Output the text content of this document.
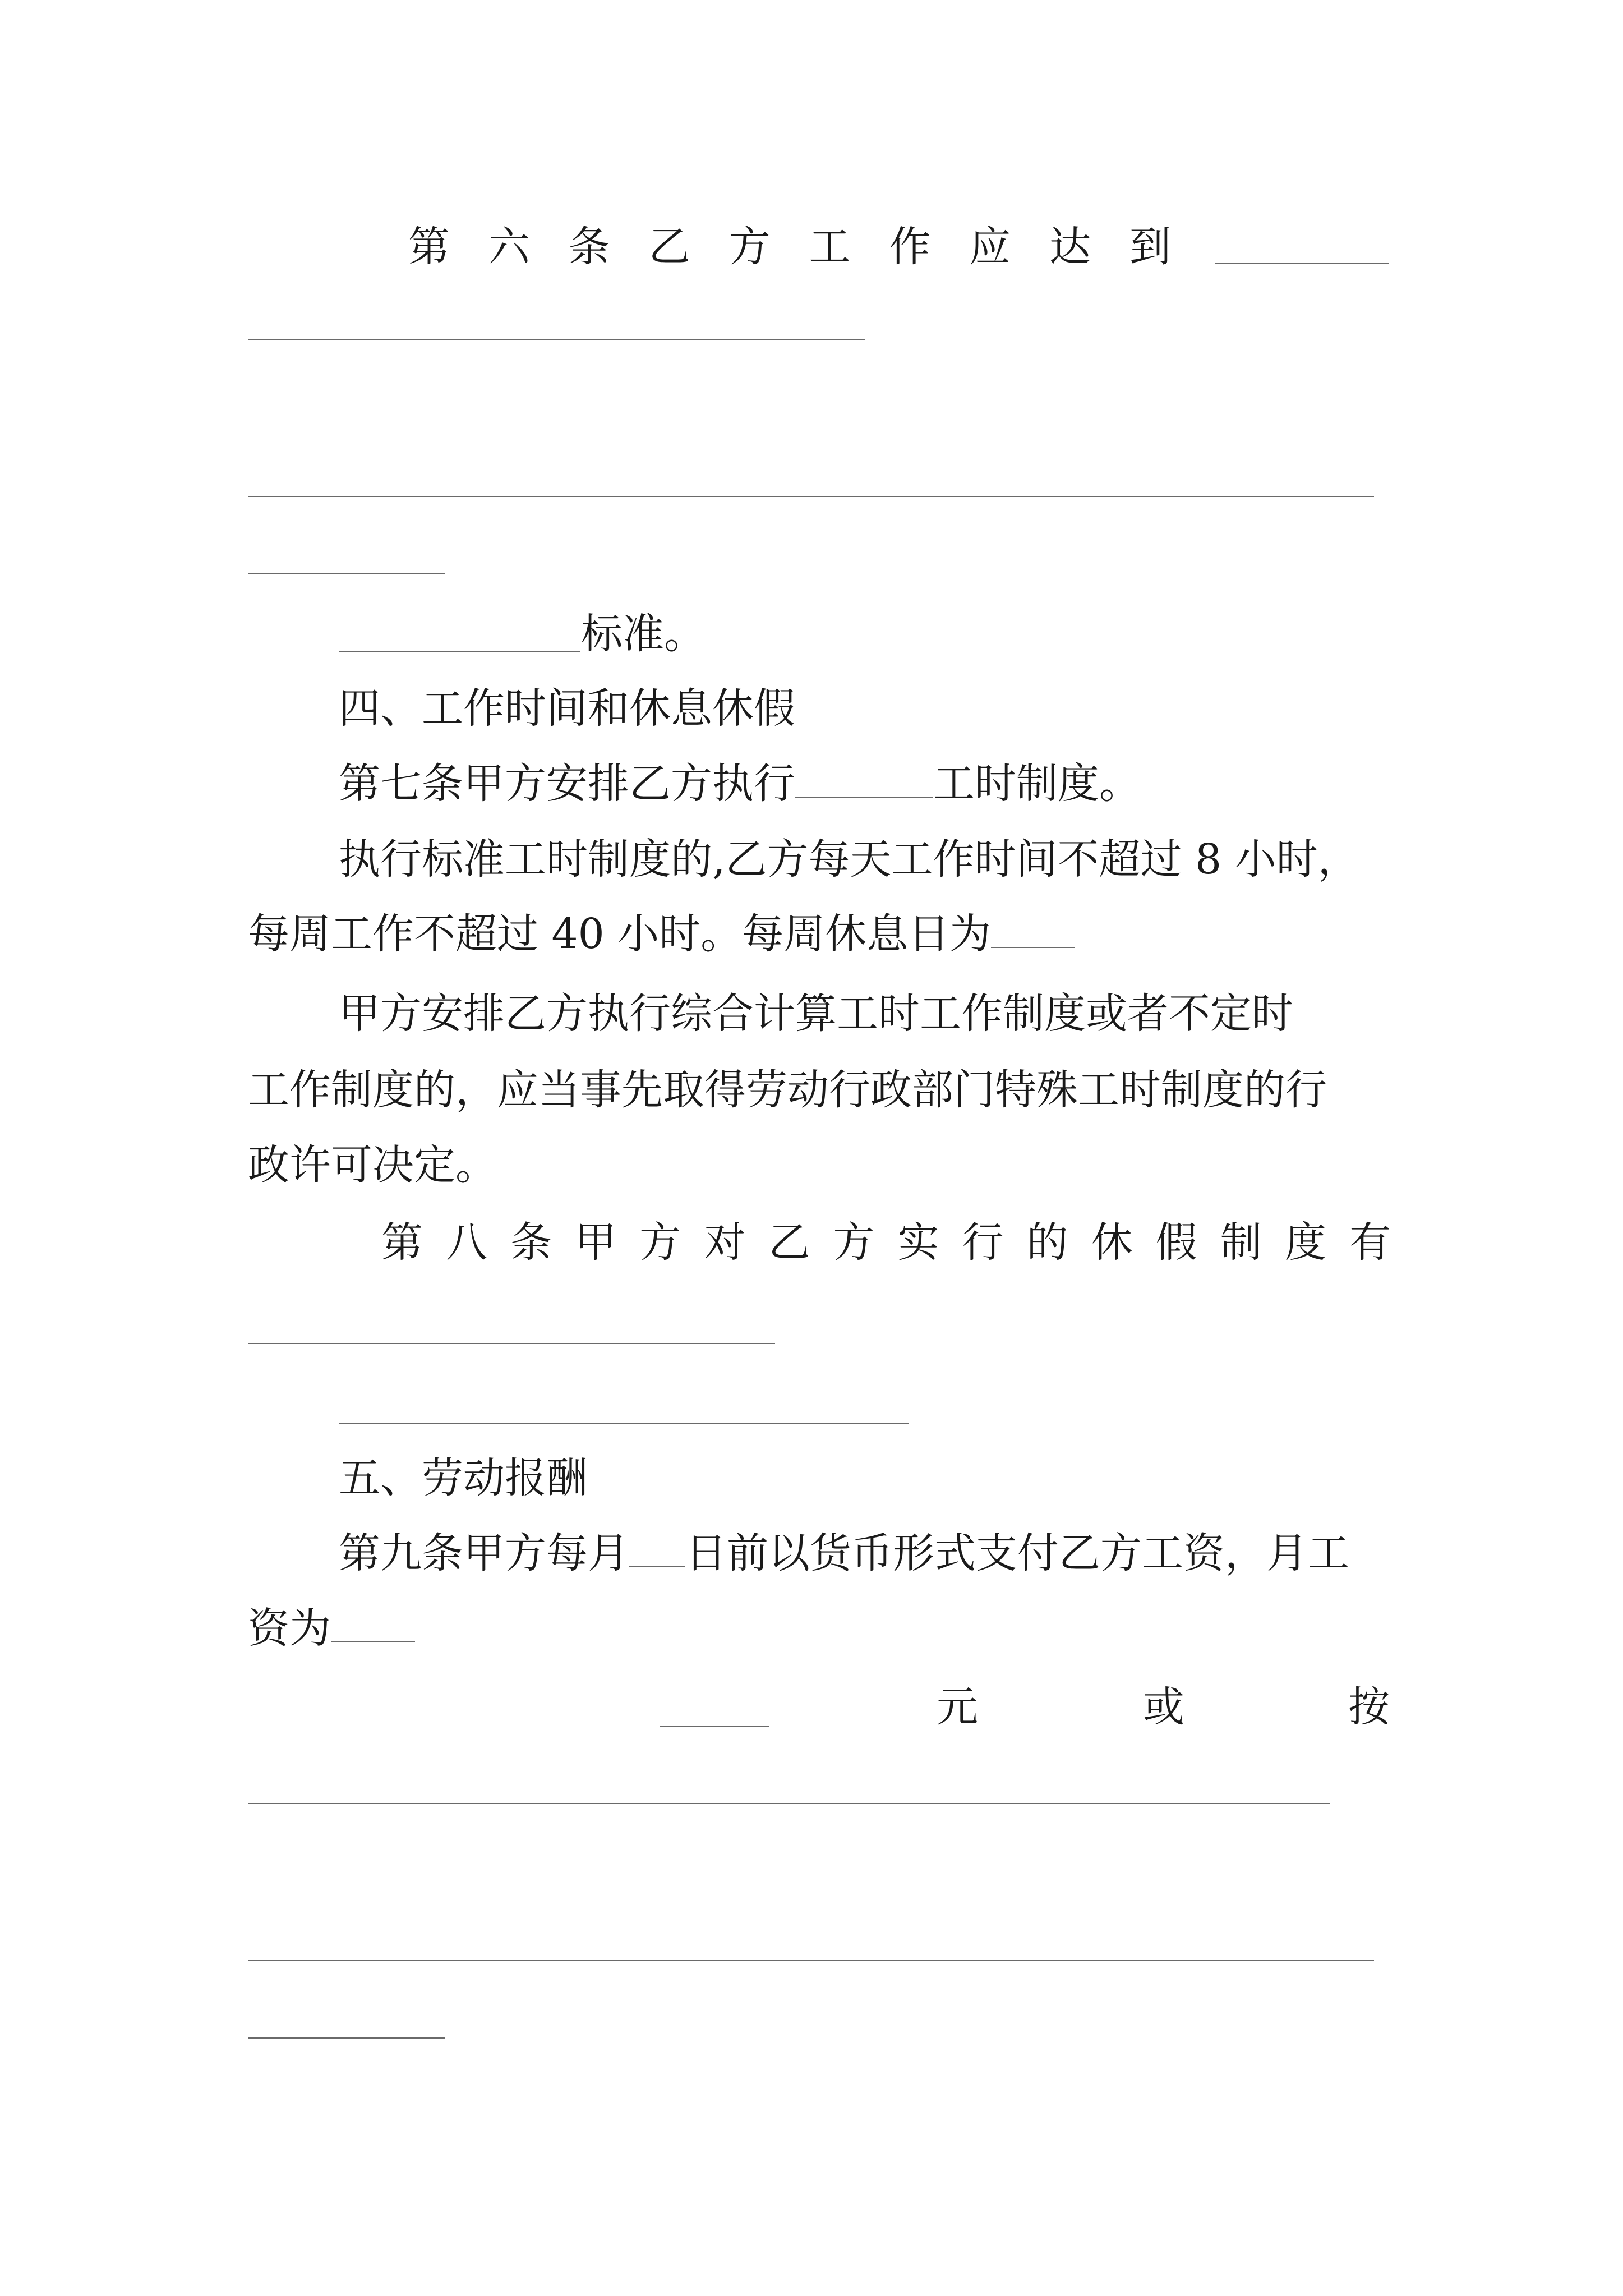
第 六 条 乙 方 工 作 应 达 到
标准。
四、工作时间和休息休假
第七条甲方安排乙方执行	工时制度。
执行标准工时制度的,乙方每天工作时间不超过 8 小时，
每周工作不超过 40 小时。每周休息日为
甲方安排乙方执行综合计算工时工作制度或者不定时
工作制度的，应当事先取得劳动行政部门特殊工时制度的行
政许可决定。
第 八 条 甲 方 对 乙 方 实 行 的 休 假 制 度 有
五、劳动报酬
第九条甲方每月 日前以货币形式支付乙方工资，月工
资为
元	或	按
